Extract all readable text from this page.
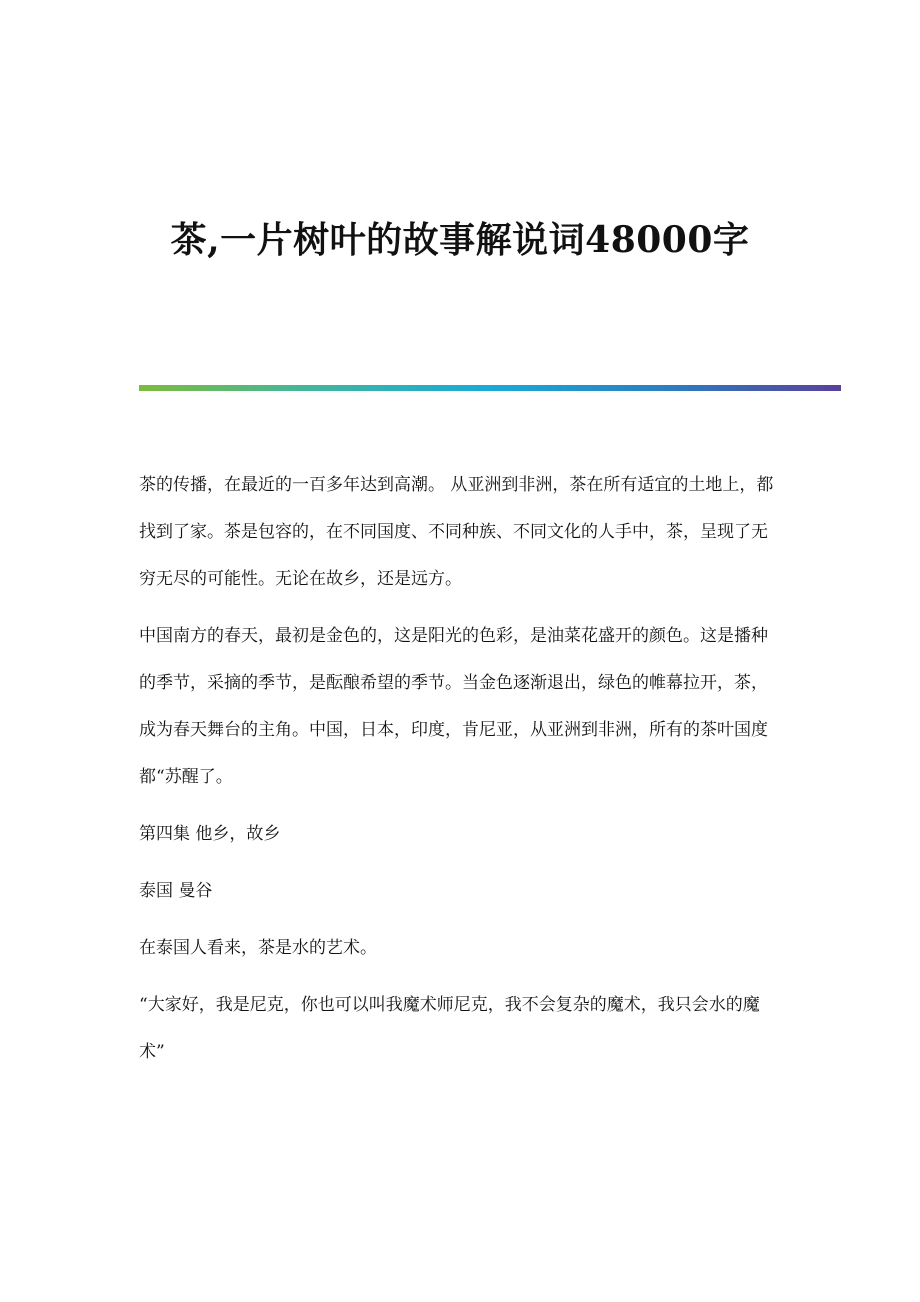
茶,一片树叶的故事解说词48000字

茶的传播，在最近的一百多年达到高潮。 从亚洲到非洲，茶在所有适宜的土地上，都找到了家。茶是包容的，在不同国度、不同种族、不同文化的人手中，茶，呈现了无穷无尽的可能性。无论在故乡，还是远方。

中国南方的春天，最初是金色的，这是阳光的色彩，是油菜花盛开的颜色。这是播种的季节，采摘的季节，是酝酿希望的季节。当金色逐渐退出，绿色的帷幕拉开，茶，成为春天舞台的主角。中国，日本，印度，肯尼亚，从亚洲到非洲，所有的茶叶国度都“苏醒了。

第四集 他乡，故乡

泰国 曼谷

在泰国人看来，茶是水的艺术。

“大家好，我是尼克，你也可以叫我魔术师尼克，我不会复杂的魔术，我只会水的魔术”
